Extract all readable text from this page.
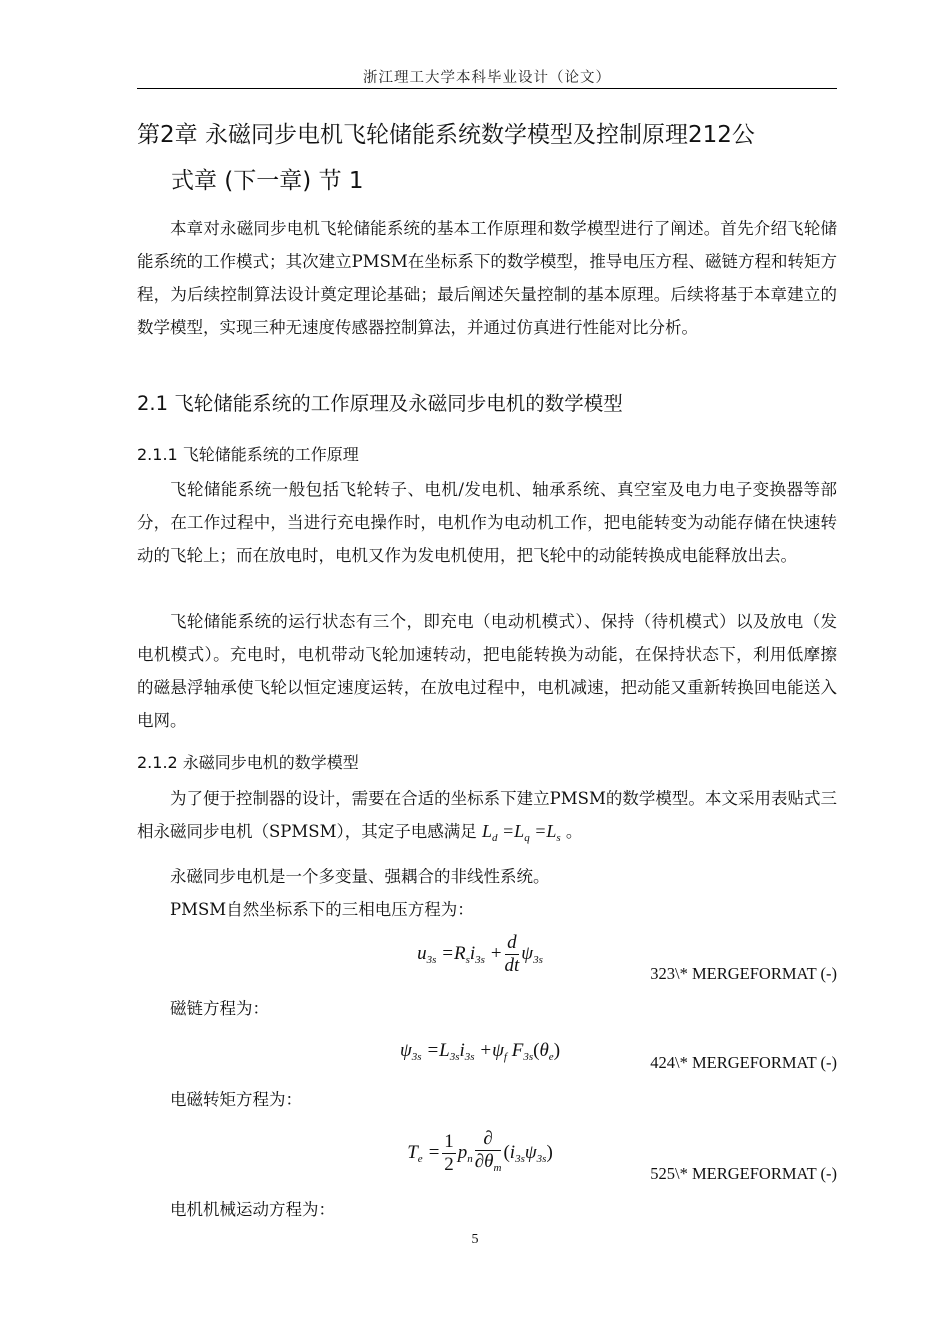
浙江理工大学本科毕业设计（论文）
第2章 永磁同步电机飞轮储能系统数学模型及控制原理212公
式章 (下一章) 节 1

本章对永磁同步电机飞轮储能系统的基本工作原理和数学模型进行了阐述。首先介绍飞轮储能系统的工作模式；其次建立PMSM在坐标系下的数学模型，推导电压方程、磁链方程和转矩方程，为后续控制算法设计奠定理论基础；最后阐述矢量控制的基本原理。后续将基于本章建立的数学模型，实现三种无速度传感器控制算法，并通过仿真进行性能对比分析。

2.1 飞轮储能系统的工作原理及永磁同步电机的数学模型
2.1.1 飞轮储能系统的工作原理

飞轮储能系统一般包括飞轮转子、电机/发电机、轴承系统、真空室及电力电子变换器等部分，在工作过程中，当进行充电操作时，电机作为电动机工作，把电能转变为动能存储在快速转动的飞轮上；而在放电时，电机又作为发电机使用，把飞轮中的动能转换成电能释放出去。

飞轮储能系统的运行状态有三个，即充电（电动机模式）、保持（待机模式）以及放电（发电机模式）。充电时，电机带动飞轮加速转动，把电能转换为动能，在保持状态下，利用低摩擦的磁悬浮轴承使飞轮以恒定速度运转，在放电过程中，电机减速，把动能又重新转换回电能送入电网。

2.1.2 永磁同步电机的数学模型

为了便于控制器的设计，需要在合适的坐标系下建立PMSM的数学模型。本文采用表贴式三相永磁同步电机（SPMSM），其定子电感满足 $L_d =L_q =L_s$ 。

永磁同步电机是一个多变量、强耦合的非线性系统。

PMSM自然坐标系下的三相电压方程为：

$u_{3s} =R_si_{3s} + \frac{d}{dt} \psi_{3s}$
323\* MERGEFORMAT (-)

磁链方程为：

$\psi_{3s} =L_{3s}i_{3s} +\psi_f$ $F_{3s}(\theta_e)$
424\* MERGEFORMAT (-)

电磁转矩方程为：

$T_e = \frac{1}{2} p_n \frac{\partial}{\partial\theta_m} (i_{3s}\psi_{3s})$
525\* MERGEFORMAT (-)

电机机械运动方程为：

5
